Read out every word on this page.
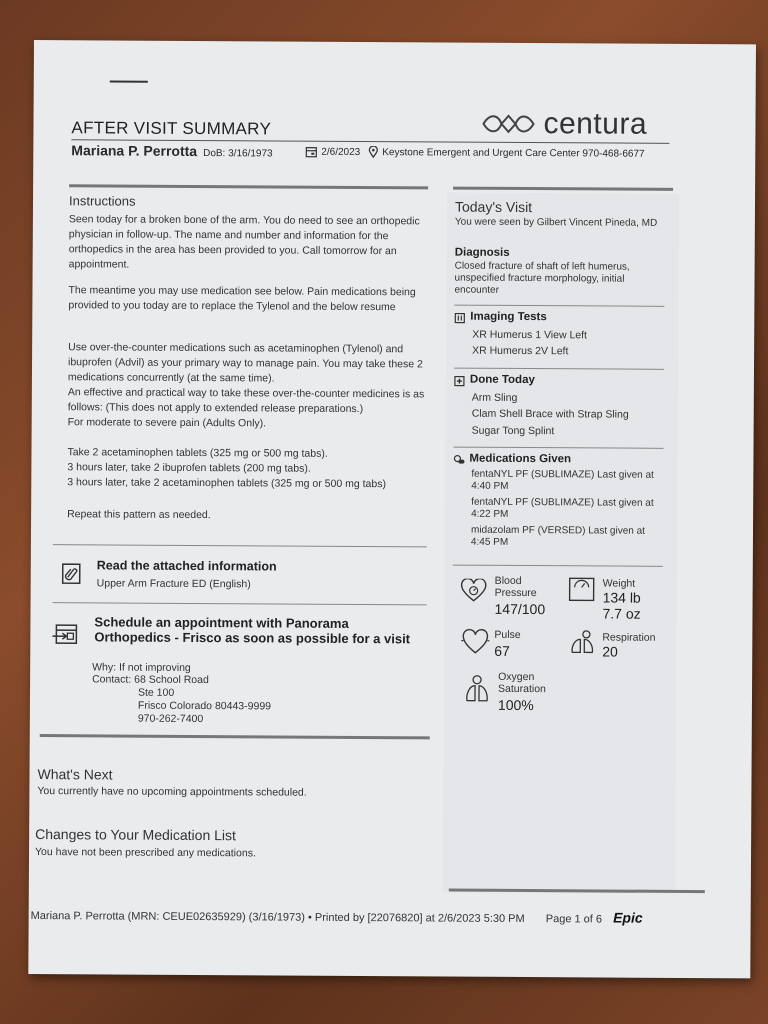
AFTER VISIT SUMMARY	centura
Mariana P. Perrotta DoB: 3/16/1973	2/6/2023 Keystone Emergent and Urgent Care Center 970-468-6677
Instructions
Seen today for a broken bone of the arm. You do need to see an orthopedic physician in follow-up. The name and number and information for the orthopedics in the area has been provided to you. Call tomorrow for an appointment.
The meantime you may use medication see below. Pain medications being provided to you today are to replace the Tylenol and the below resume
Use over-the-counter medications such as acetaminophen (Tylenol) and ibuprofen (Advil) as your primary way to manage pain. You may take these 2 medications concurrently (at the same time).
An effective and practical way to take these over-the-counter medicines is as follows: (This does not apply to extended release preparations.)
For moderate to severe pain (Adults Only).
Take 2 acetaminophen tablets (325 mg or 500 mg tabs).
3 hours later, take 2 ibuprofen tablets (200 mg tabs).
3 hours later, take 2 acetaminophen tablets (325 mg or 500 mg tabs)
Repeat this pattern as needed.
Read the attached information
Upper Arm Fracture ED (English)
Schedule an appointment with Panorama Orthopedics - Frisco as soon as possible for a visit
Why: If not improving
Contact: 68 School Road
Ste 100
Frisco Colorado 80443-9999
970-262-7400
What's Next
You currently have no upcoming appointments scheduled.
Changes to Your Medication List
You have not been prescribed any medications.
Today's Visit
You were seen by Gilbert Vincent Pineda, MD
Diagnosis
Closed fracture of shaft of left humerus, unspecified fracture morphology, initial encounter
Imaging Tests
XR Humerus 1 View Left
XR Humerus 2V Left
Done Today
Arm Sling
Clam Shell Brace with Strap Sling
Sugar Tong Splint
Medications Given
fentaNYL PF (SUBLIMAZE) Last given at 4:40 PM
fentaNYL PF (SUBLIMAZE) Last given at 4:22 PM
midazolam PF (VERSED) Last given at 4:45 PM
Blood Pressure
147/100
Weight
134 lb
7.7 oz
Pulse
67
Respiration
20
Oxygen Saturation
100%
Mariana P. Perrotta (MRN: CEUE02635929) (3/16/1973) • Printed by [22076820] at 2/6/2023 5:30 PM Page 1 of 6 Epic
